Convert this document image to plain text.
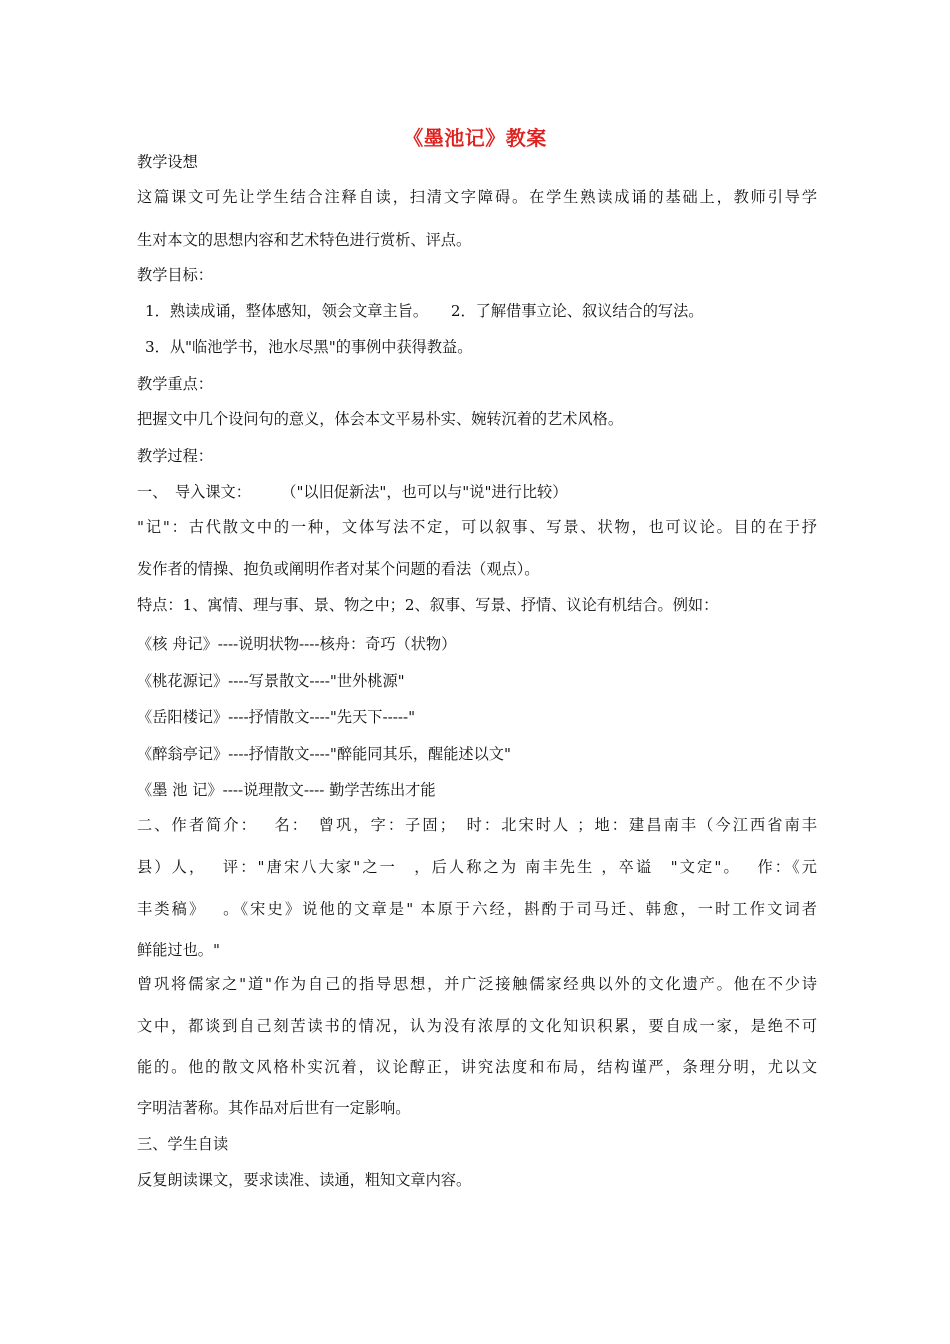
《墨池记》教案
教学设想
这篇课文可先让学生结合注释自读，扫清文字障碍。在学生熟读成诵的基础上，教师引导学
生对本文的思想内容和艺术特色进行赏析、评点。
教学目标：
1．熟读成诵，整体感知，领会文章主旨。　　2．了解借事立论、叙议结合的写法。
3．从"临池学书，池水尽黑"的事例中获得教益。
教学重点：
把握文中几个设问句的意义，体会本文平易朴实、婉转沉着的艺术风格。
教学过程：
一、　导入课文：　　　（"以旧促新法"，也可以与"说"进行比较）
"记"：古代散文中的一种，文体写法不定，可以叙事、写景、状物，也可议论。目的在于抒
发作者的情操、抱负或阐明作者对某个问题的看法（观点）。
特点：1、寓情、理与事、景、物之中；2、叙事、写景、抒情、议论有机结合。例如：
《核 舟记》----说明状物----核舟：奇巧（状物）
《桃花源记》----写景散文----"世外桃源"
《岳阳楼记》----抒情散文----"先天下-----"
《醉翁亭记》----抒情散文----"醉能同其乐，醒能述以文"
《墨 池 记》----说理散文---- 勤学苦练出才能
二、作者简介：　 名：　曾巩，字：子固；　时：北宋时人 ；地：建昌南丰（今江西省南丰
县）人，　 评："唐宋八大家"之一　，后人称之为 南丰先生 ，卒谥　"文定"。　 作：《元
丰类稿》　 。《宋史》说他的文章是" 本原于六经，斟酌于司马迁、韩愈，一时工作文词者
鲜能过也。"
曾巩将儒家之"道"作为自己的指导思想，并广泛接触儒家经典以外的文化遗产。他在不少诗
文中，都谈到自己刻苦读书的情况，认为没有浓厚的文化知识积累，要自成一家，是绝不可
能的。他的散文风格朴实沉着，议论醇正，讲究法度和布局，结构谨严，条理分明，尤以文
字明洁著称。其作品对后世有一定影响。
三、学生自读
反复朗读课文，要求读准、读通，粗知文章内容。
